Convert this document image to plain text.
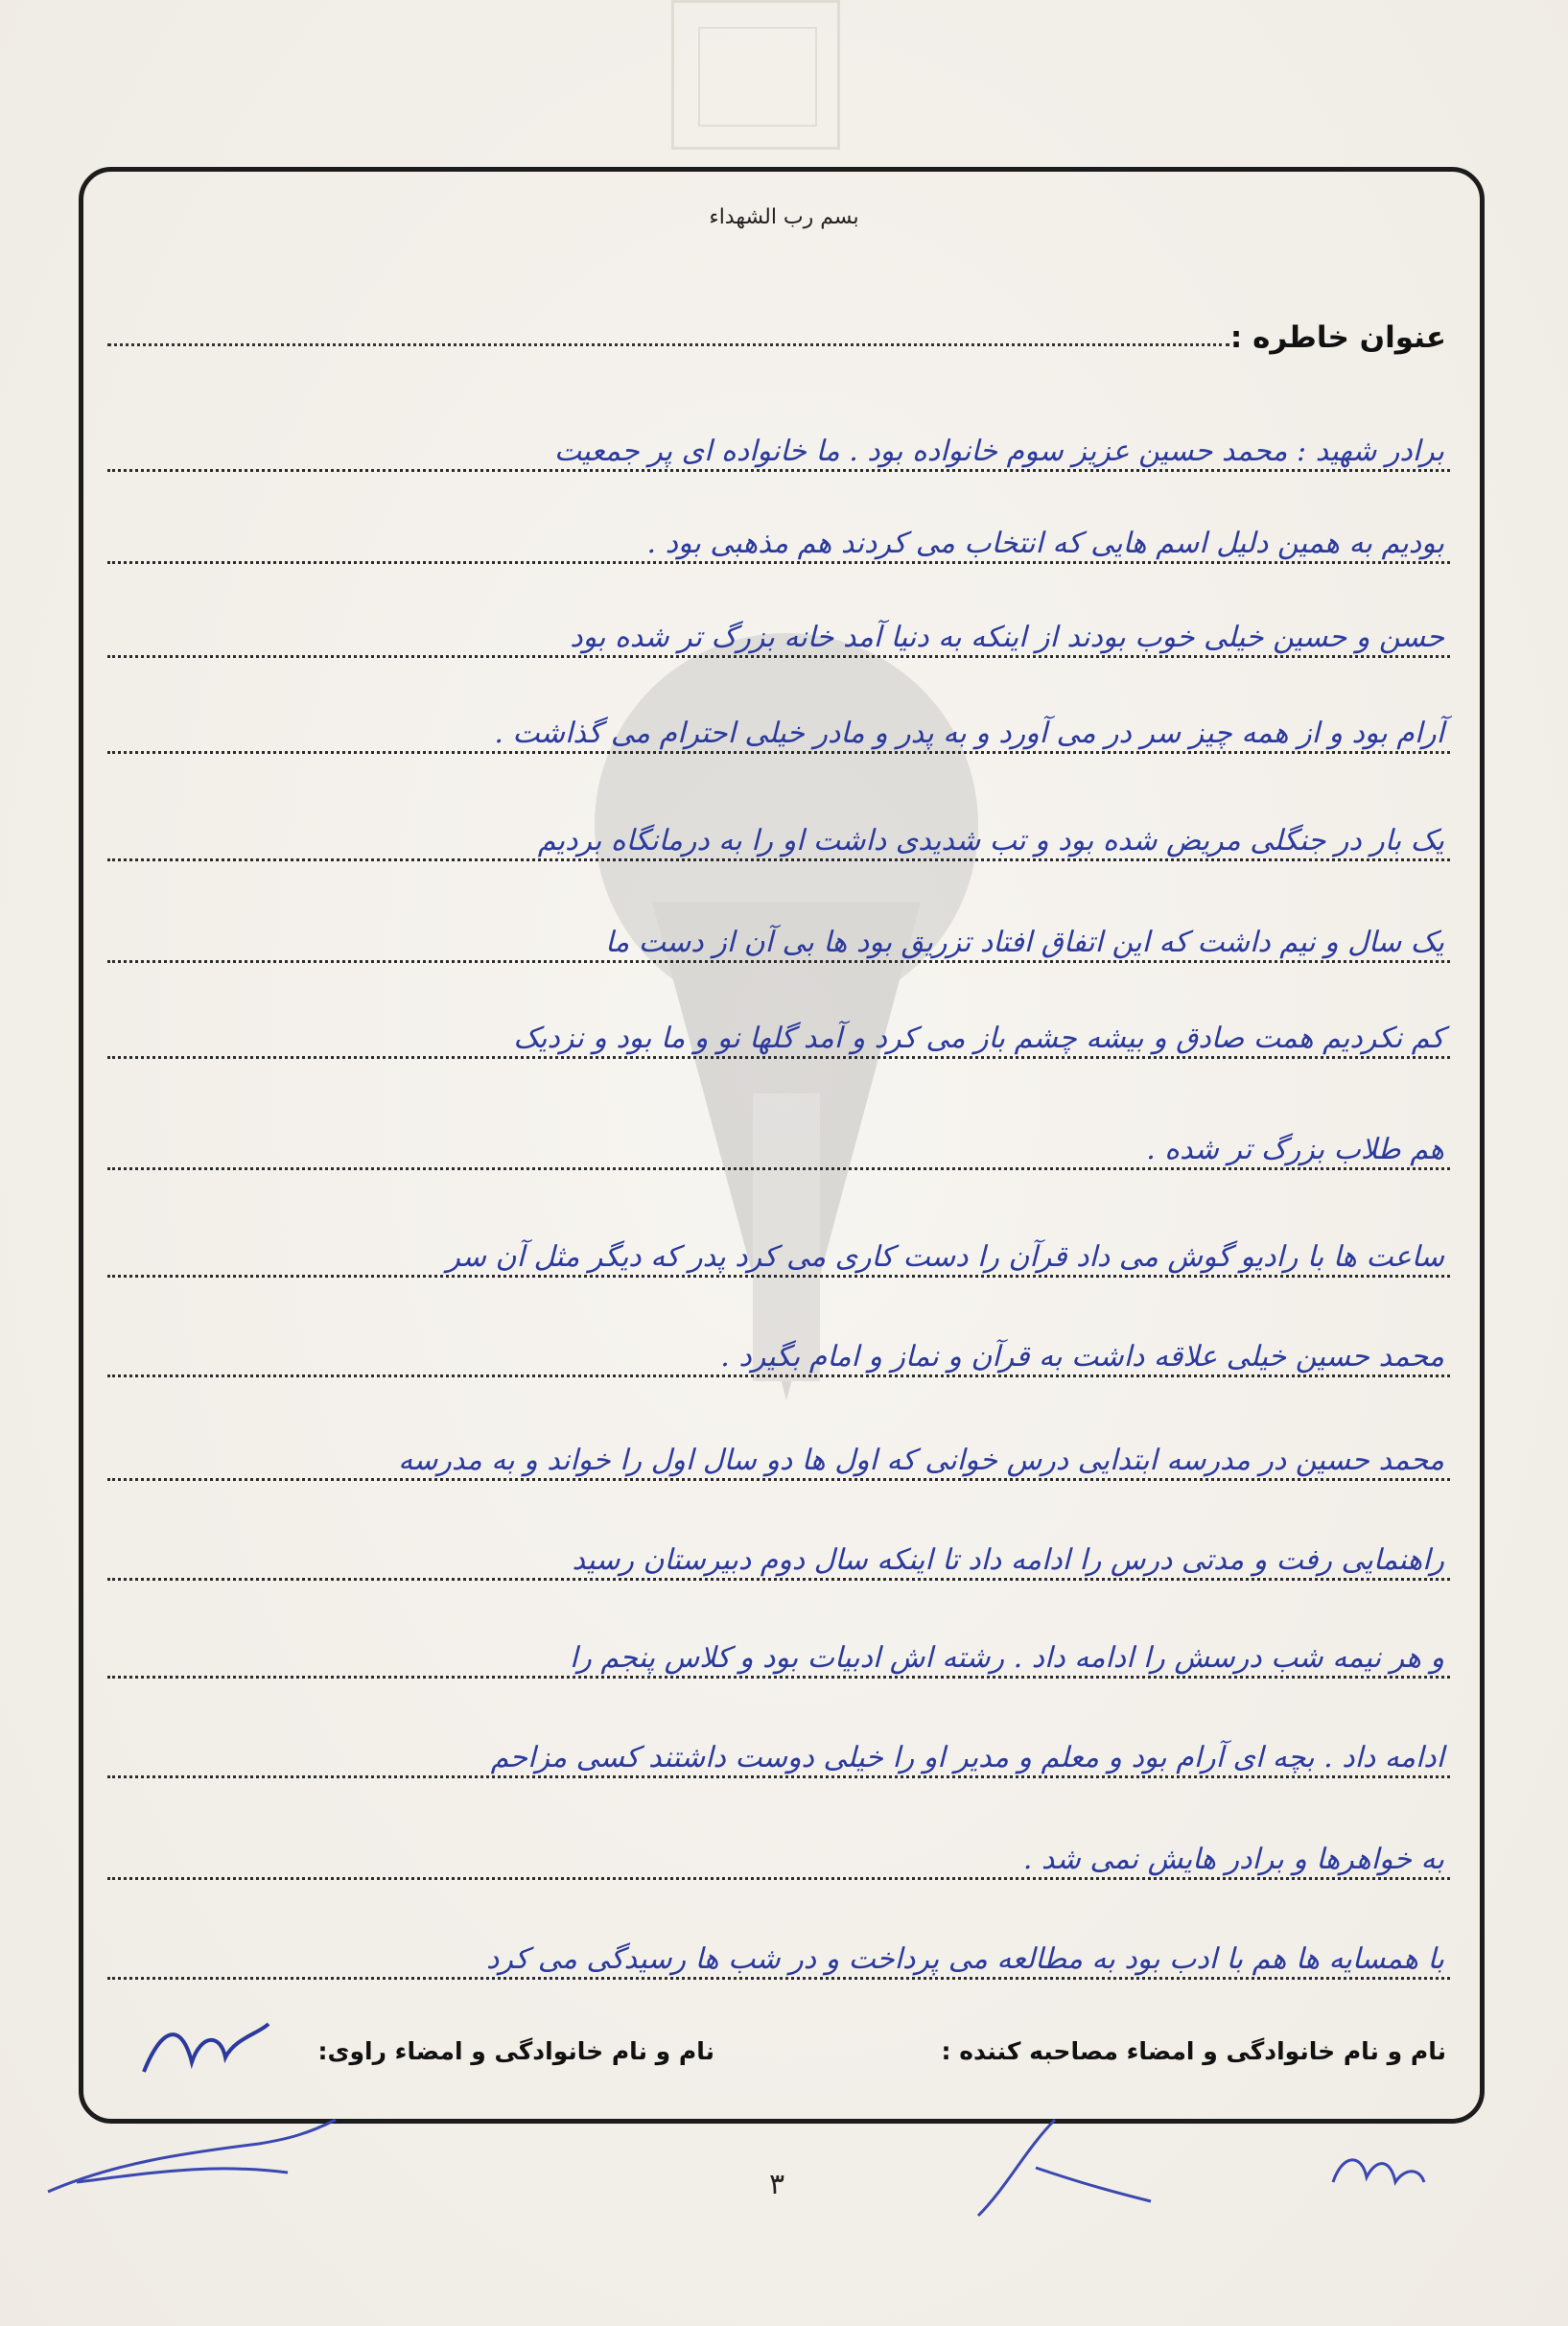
بسم رب الشهداء
عنوان خاطره :
برادر شهید : محمد حسین عزیز سوم خانواده بود . ما خانواده ای پر جمعیت
بودیم به همین دلیل اسم هایی که انتخاب می کردند هم مذهبی بود .
حسن و حسین خیلی خوب بودند از اینکه به دنیا آمد خانه بزرگ تر شده بود
آرام بود و از همه چیز سر در می آورد و به پدر و مادر خیلی احترام می گذاشت .
یک بار در جنگلی مریض شده بود و تب شدیدی داشت او را به درمانگاه بردیم
یک سال و نیم داشت که این اتفاق افتاد تزریق بود ها بی آن از دست ما
کم نکردیم همت صادق و بیشه چشم باز می کرد و آمد گلها نو و ما بود و نزدیک
هم طلاب بزرگ تر شده .
ساعت ها با رادیو گوش می داد قرآن را دست کاری می کرد پدر که دیگر مثل آن سر
محمد حسین خیلی علاقه داشت به قرآن و نماز و امام بگیرد .
محمد حسین در مدرسه ابتدایی درس خوانی که اول ها دو سال اول را خواند و به مدرسه
راهنمایی رفت و مدتی درس را ادامه داد تا اینکه سال دوم دبیرستان رسید
و هر نیمه شب درسش را ادامه داد . رشته اش ادبیات بود و کلاس پنجم را
ادامه داد . بچه ای آرام بود و معلم و مدیر او را خیلی دوست داشتند کسی مزاحم
به خواهرها و برادر هایش نمی شد .
با همسایه ها هم با ادب بود به مطالعه می پرداخت و در شب ها رسیدگی می کرد
نام و نام خانوادگی و امضاء مصاحبه کننده :
نام و نام خانوادگی و امضاء راوی:
۳
